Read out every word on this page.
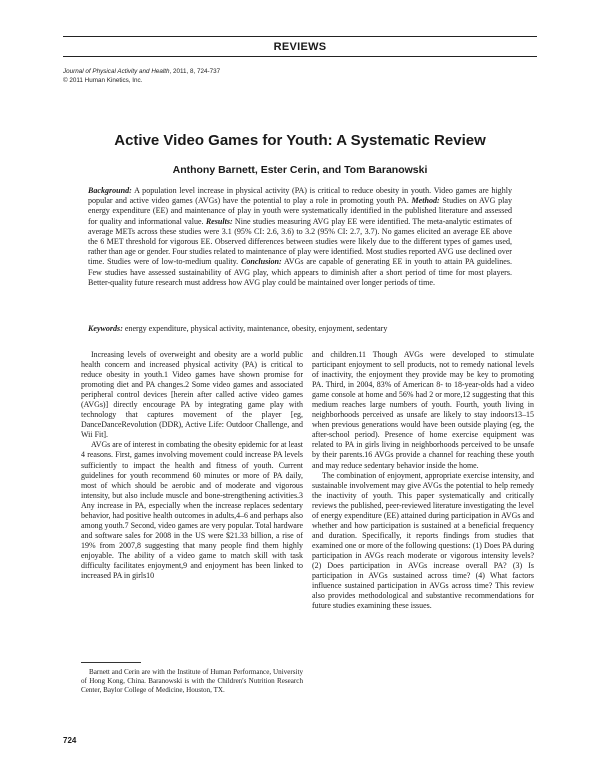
REVIEWS
Journal of Physical Activity and Health, 2011, 8, 724-737
© 2011 Human Kinetics, Inc.
Active Video Games for Youth: A Systematic Review
Anthony Barnett, Ester Cerin, and Tom Baranowski
Background: A population level increase in physical activity (PA) is critical to reduce obesity in youth. Video games are highly popular and active video games (AVGs) have the potential to play a role in promoting youth PA. Method: Studies on AVG play energy expenditure (EE) and maintenance of play in youth were systematically identified in the published literature and assessed for quality and informational value. Results: Nine studies measuring AVG play EE were identified. The meta-analytic estimates of average METs across these studies were 3.1 (95% CI: 2.6, 3.6) to 3.2 (95% CI: 2.7, 3.7). No games elicited an average EE above the 6 MET threshold for vigorous EE. Observed differences between studies were likely due to the different types of games used, rather than age or gender. Four studies related to maintenance of play were identified. Most studies reported AVG use declined over time. Studies were of low-to-medium quality. Conclusion: AVGs are capable of generating EE in youth to attain PA guidelines. Few studies have assessed sustainability of AVG play, which appears to diminish after a short period of time for most players. Better-quality future research must address how AVG play could be maintained over longer periods of time.
Keywords: energy expenditure, physical activity, maintenance, obesity, enjoyment, sedentary

Increasing levels of overweight and obesity are a world public health concern and increased physical activity (PA) is critical to reduce obesity in youth.1 Video games have shown promise for promoting diet and PA changes.2 Some video games and associated peripheral control devices [herein after called active video games (AVGs)] directly encourage PA by integrating game play with technology that captures movement of the player [eg, DanceDanceRevolution (DDR), Active Life: Outdoor Challenge, and Wii Fit].

AVGs are of interest in combating the obesity epidemic for at least 4 reasons. First, games involving movement could increase PA levels sufficiently to impact the health and fitness of youth. Current guidelines for youth recommend 60 minutes or more of PA daily, most of which should be aerobic and of moderate and vigorous intensity, but also include muscle and bone-strengthening activities.3 Any increase in PA, especially when the increase replaces sedentary behavior, had positive health outcomes in adults,4–6 and perhaps also among youth.7 Second, video games are very popular. Total hardware and software sales for 2008 in the US were $21.33 billion, a rise of 19% from 2007,8 suggesting that many people find them highly enjoyable. The ability of a video game to match skill with task difficulty facilitates enjoyment,9 and enjoyment has been linked to increased PA in girls10

and children.11 Though AVGs were developed to stimulate participant enjoyment to sell products, not to remedy national levels of inactivity, the enjoyment they provide may be key to promoting PA. Third, in 2004, 83% of American 8- to 18-year-olds had a video game console at home and 56% had 2 or more,12 suggesting that this medium reaches large numbers of youth. Fourth, youth living in neighborhoods perceived as unsafe are likely to stay indoors13–15 when previous generations would have been outside playing (eg, the after-school period). Presence of home exercise equipment was related to PA in girls living in neighborhoods perceived to be unsafe by their parents.16 AVGs provide a channel for reaching these youth and may reduce sedentary behavior inside the home.

The combination of enjoyment, appropriate exercise intensity, and sustainable involvement may give AVGs the potential to help remedy the inactivity of youth. This paper systematically and critically reviews the published, peer-reviewed literature investigating the level of energy expenditure (EE) attained during participation in AVGs and whether and how participation is sustained at a beneficial frequency and duration. Specifically, it reports findings from studies that examined one or more of the following questions: (1) Does PA during participation in AVGs reach moderate or vigorous intensity levels? (2) Does participation in AVGs increase overall PA? (3) Is participation in AVGs sustained across time? (4) What factors influence sustained participation in AVGs across time? This review also provides methodological and substantive recommendations for future studies examining these issues.

Barnett and Cerin are with the Institute of Human Performance, University of Hong Kong, China. Baranowski is with the Children's Nutrition Research Center, Baylor College of Medicine, Houston, TX.

724
